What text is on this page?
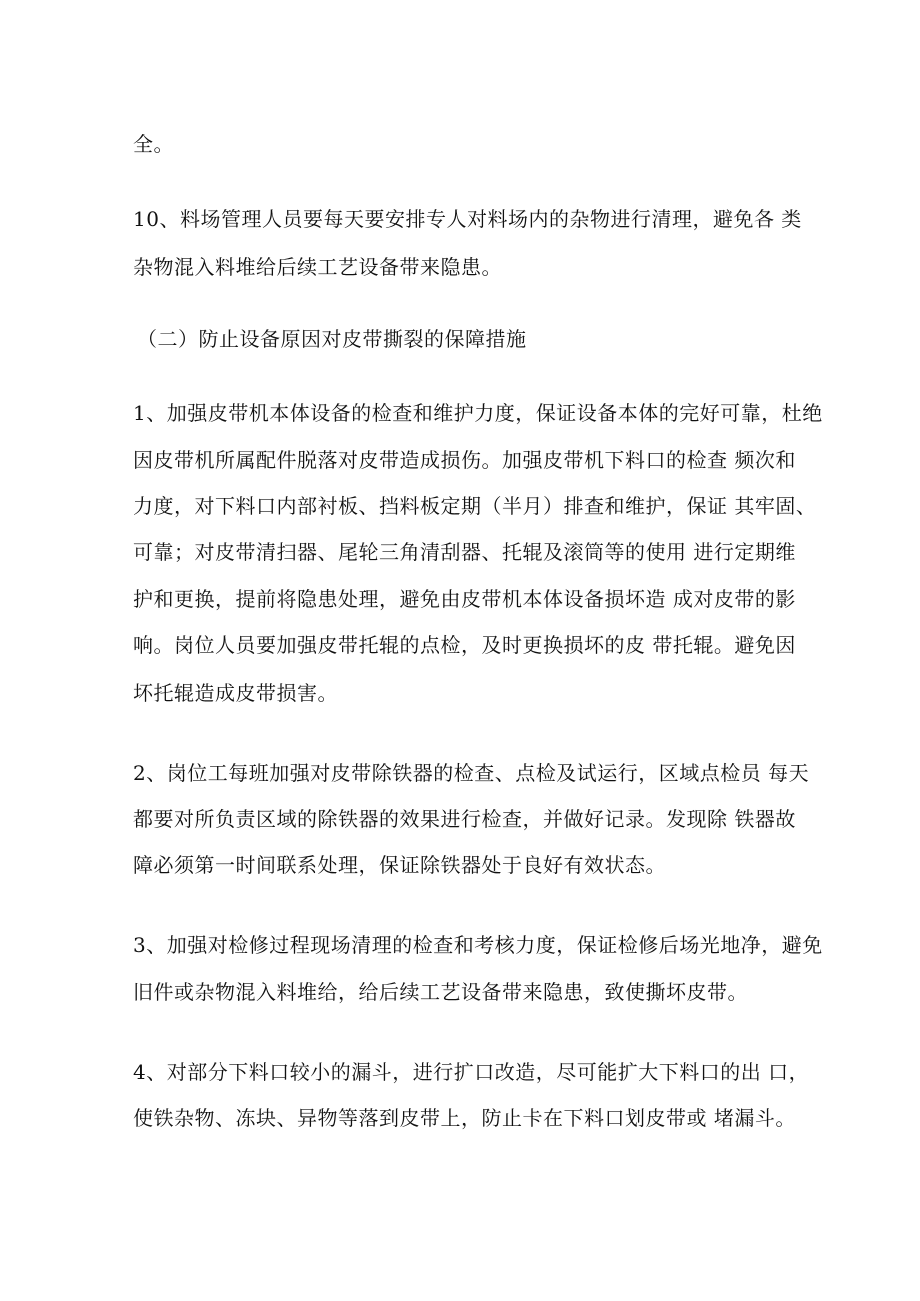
全。
10、料场管理人员要每天要安排专人对料场内的杂物进行清理，避免各 类
杂物混入料堆给后续工艺设备带来隐患。
（二）防止设备原因对皮带撕裂的保障措施
1、加强皮带机本体设备的检查和维护力度，保证设备本体的完好可靠，杜绝
因皮带机所属配件脱落对皮带造成损伤。加强皮带机下料口的检查 频次和
力度，对下料口内部衬板、挡料板定期（半月）排查和维护，保证 其牢固、
可靠；对皮带清扫器、尾轮三角清刮器、托辊及滚筒等的使用 进行定期维
护和更换，提前将隐患处理，避免由皮带机本体设备损坏造 成对皮带的影
响。岗位人员要加强皮带托辊的点检，及时更换损坏的皮 带托辊。避免因
坏托辊造成皮带损害。
2、岗位工每班加强对皮带除铁器的检查、点检及试运行，区域点检员 每天
都要对所负责区域的除铁器的效果进行检查，并做好记录。发现除 铁器故
障必须第一时间联系处理，保证除铁器处于良好有效状态。
3、加强对检修过程现场清理的检查和考核力度，保证检修后场光地净，避免
旧件或杂物混入料堆给，给后续工艺设备带来隐患，致使撕坏皮带。
4、对部分下料口较小的漏斗，进行扩口改造，尽可能扩大下料口的出 口，
使铁杂物、冻块、异物等落到皮带上，防止卡在下料口划皮带或 堵漏斗。
